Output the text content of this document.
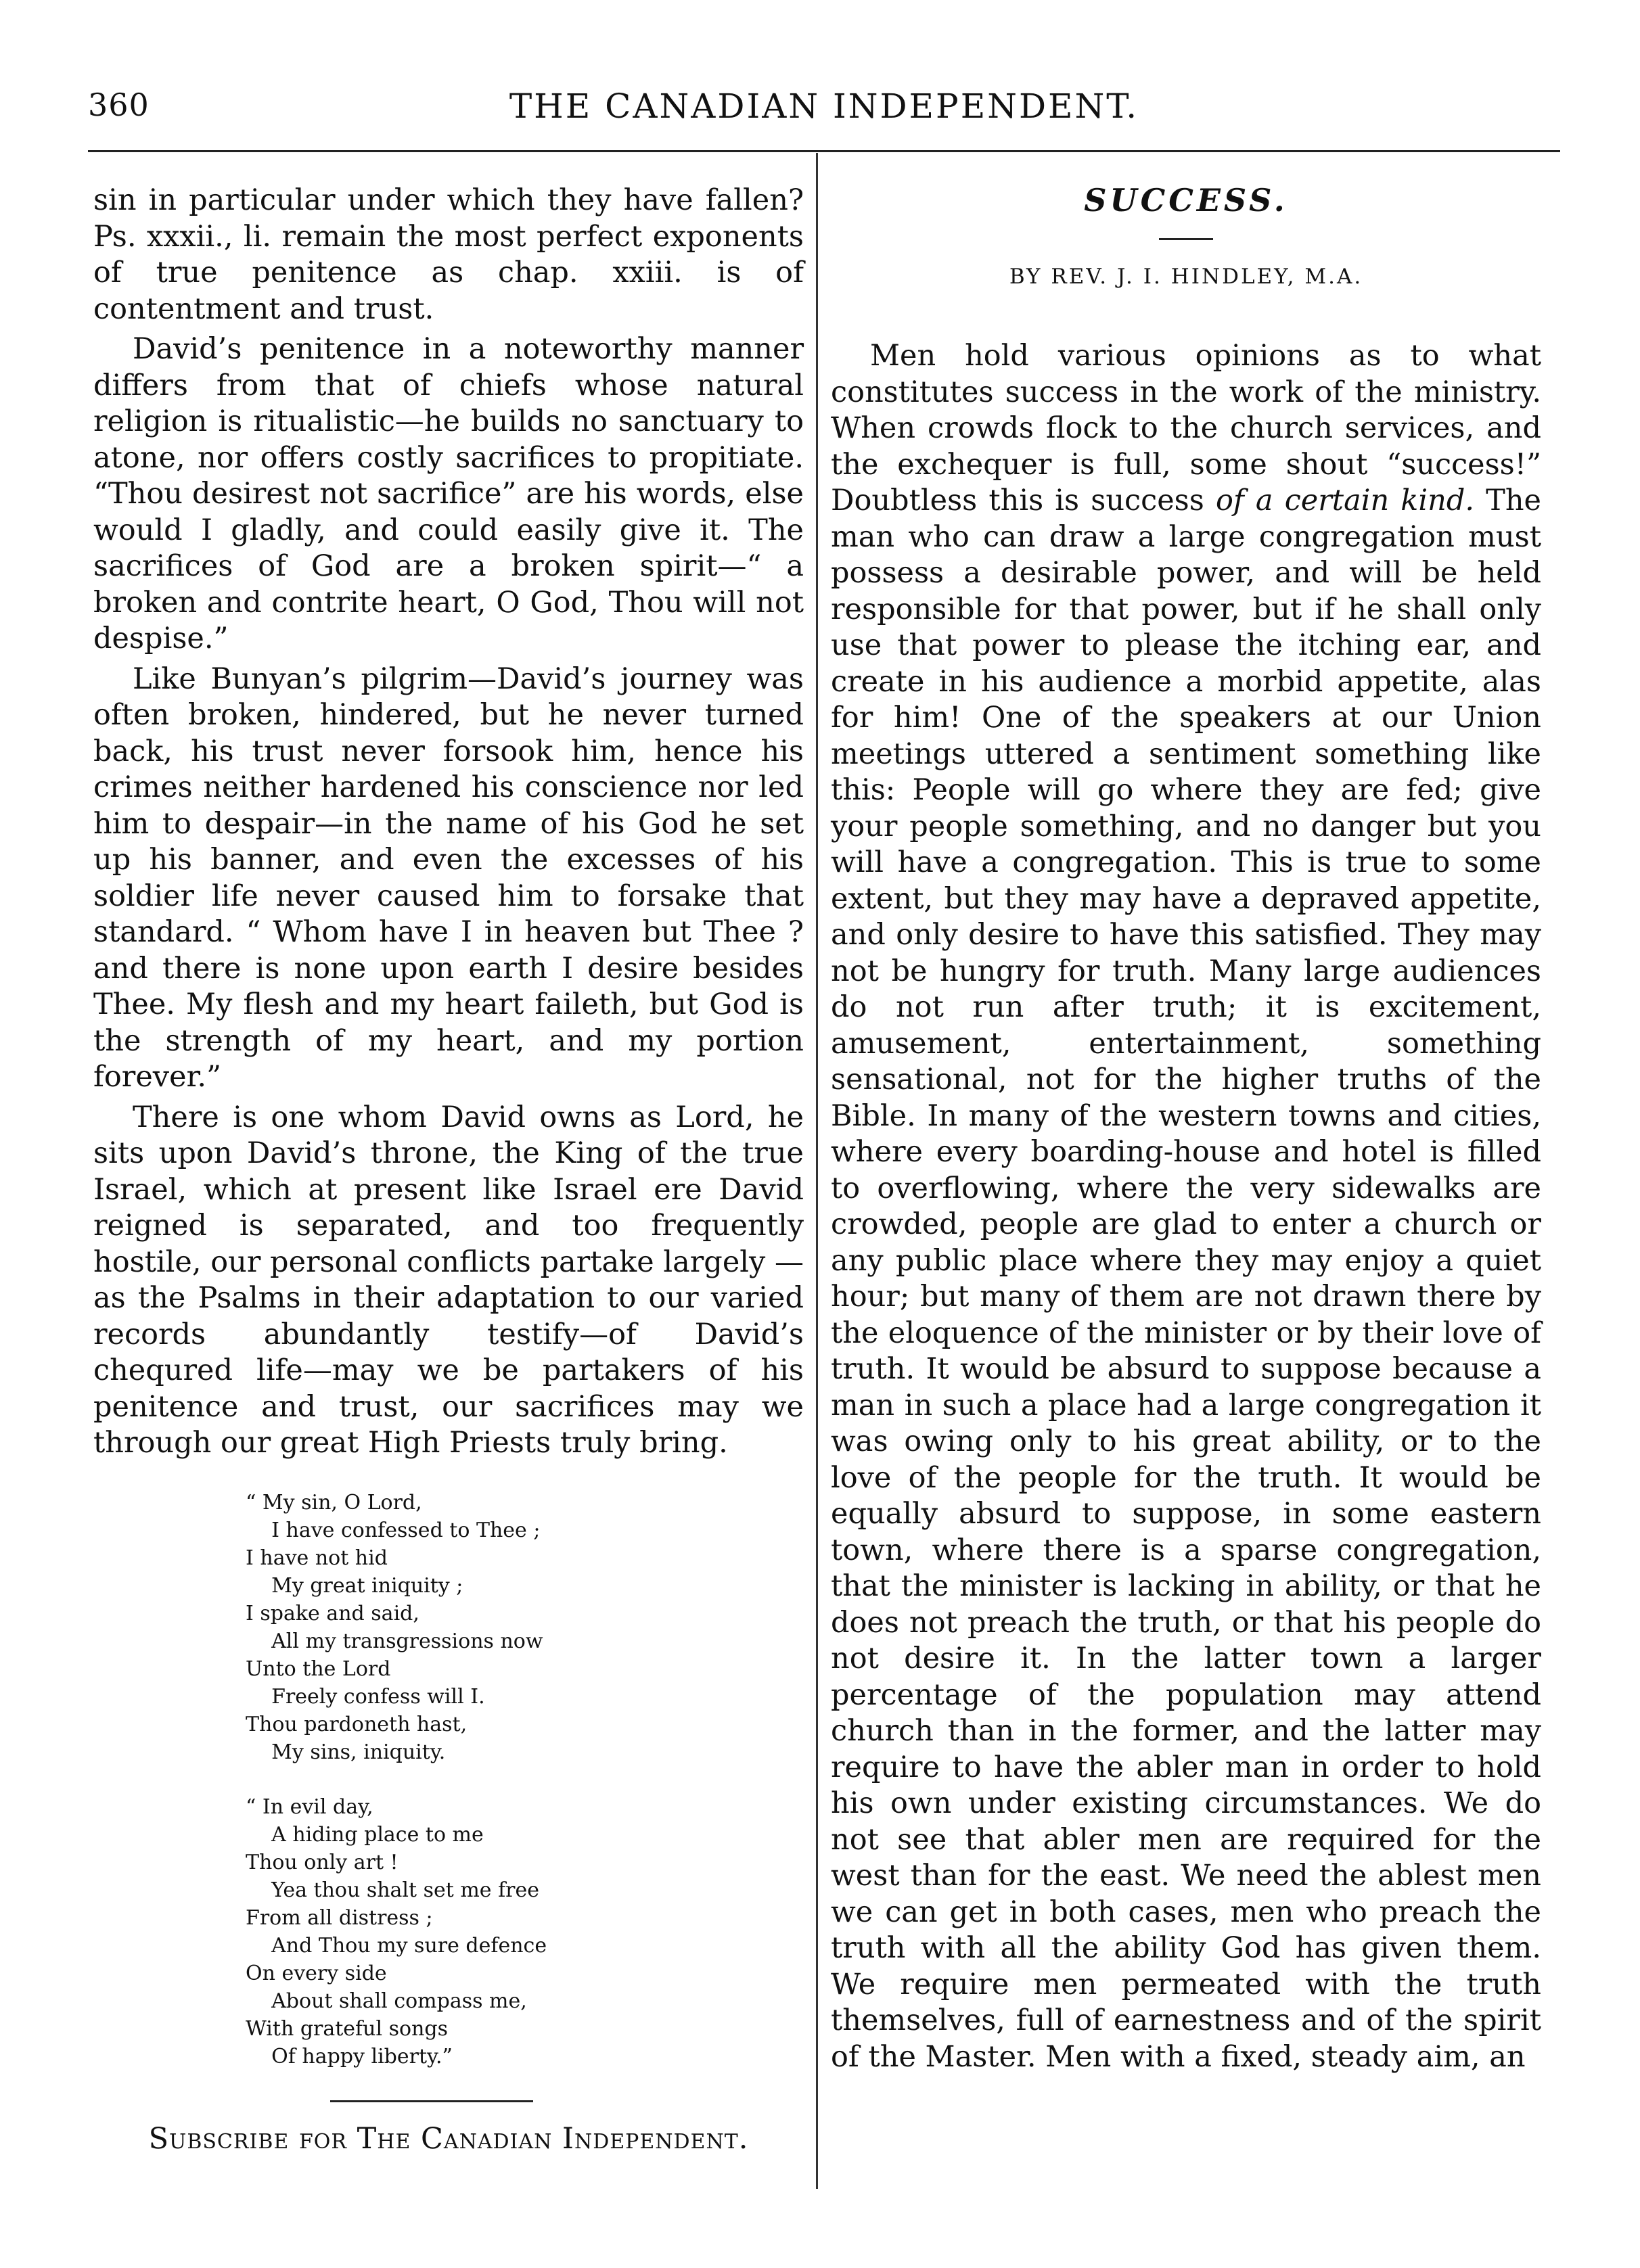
360	THE CANADIAN INDEPENDENT.

sin in particular under which they have fallen? Ps. xxxii., li. remain the most perfect exponents of true penitence as chap. xxiii. is of contentment and trust.

David’s penitence in a noteworthy manner differs from that of chiefs whose natural religion is ritualistic—he builds no sanctuary to atone, nor offers costly sacrifices to propitiate. “Thou desirest not sacrifice” are his words, else would I gladly, and could easily give it. The sacrifices of God are a broken spirit—“ a broken and contrite heart, O God, Thou will not despise.”

Like Bunyan’s pilgrim—David’s journey was often broken, hindered, but he never turned back, his trust never forsook him, hence his crimes neither hardened his conscience nor led him to despair—in the name of his God he set up his banner, and even the excesses of his soldier life never caused him to forsake that standard. “ Whom have I in heaven but Thee ? and there is none upon earth I desire besides Thee. My flesh and my heart faileth, but God is the strength of my heart, and my portion forever.”

There is one whom David owns as Lord, he sits upon David’s throne, the King of the true Israel, which at present like Israel ere David reigned is separated, and too frequently hostile, our personal conflicts partake largely —as the Psalms in their adaptation to our varied records abundantly testify—of David’s chequred life—may we be partakers of his penitence and trust, our sacrifices may we through our great High Priests truly bring.

“ My sin, O Lord,
I have confessed to Thee ;
I have not hid
My great iniquity ;
I spake and said,
All my transgressions now
Unto the Lord
Freely confess will I.
Thou pardoneth hast,
My sins, iniquity.
“ In evil day,
A hiding place to me
Thou only art !
Yea thou shalt set me free
From all distress ;
And Thou my sure defence
On every side
About shall compass me,
With grateful songs
Of happy liberty.”
Subscribe for The Canadian Independent.
SUCCESS.
BY REV. J. I. HINDLEY, M.A.

Men hold various opinions as to what constitutes success in the work of the ministry. When crowds flock to the church services, and the exchequer is full, some shout “success!” Doubtless this is success of a certain kind. The man who can draw a large congregation must possess a desirable power, and will be held responsible for that power, but if he shall only use that power to please the itching ear, and create in his audience a morbid appetite, alas for him! One of the speakers at our Union meetings uttered a sentiment something like this: People will go where they are fed; give your people something, and no danger but you will have a congregation. This is true to some extent, but they may have a depraved appetite, and only desire to have this satisfied. They may not be hungry for truth. Many large audiences do not run after truth; it is excitement, amusement, entertainment, something sensational, not for the higher truths of the Bible. In many of the western towns and cities, where every boarding-house and hotel is filled to overflowing, where the very sidewalks are crowded, people are glad to enter a church or any public place where they may enjoy a quiet hour; but many of them are not drawn there by the eloquence of the minister or by their love of truth. It would be absurd to suppose because a man in such a place had a large congregation it was owing only to his great ability, or to the love of the people for the truth. It would be equally absurd to suppose, in some eastern town, where there is a sparse congregation, that the minister is lacking in ability, or that he does not preach the truth, or that his people do not desire it. In the latter town a larger percentage of the population may attend church than in the former, and the latter may require to have the abler man in order to hold his own under existing circumstances. We do not see that abler men are required for the west than for the east. We need the ablest men we can get in both cases, men who preach the truth with all the ability God has given them. We require men permeated with the truth themselves, full of earnestness and of the spirit of the Master. Men with a fixed, steady aim, an
